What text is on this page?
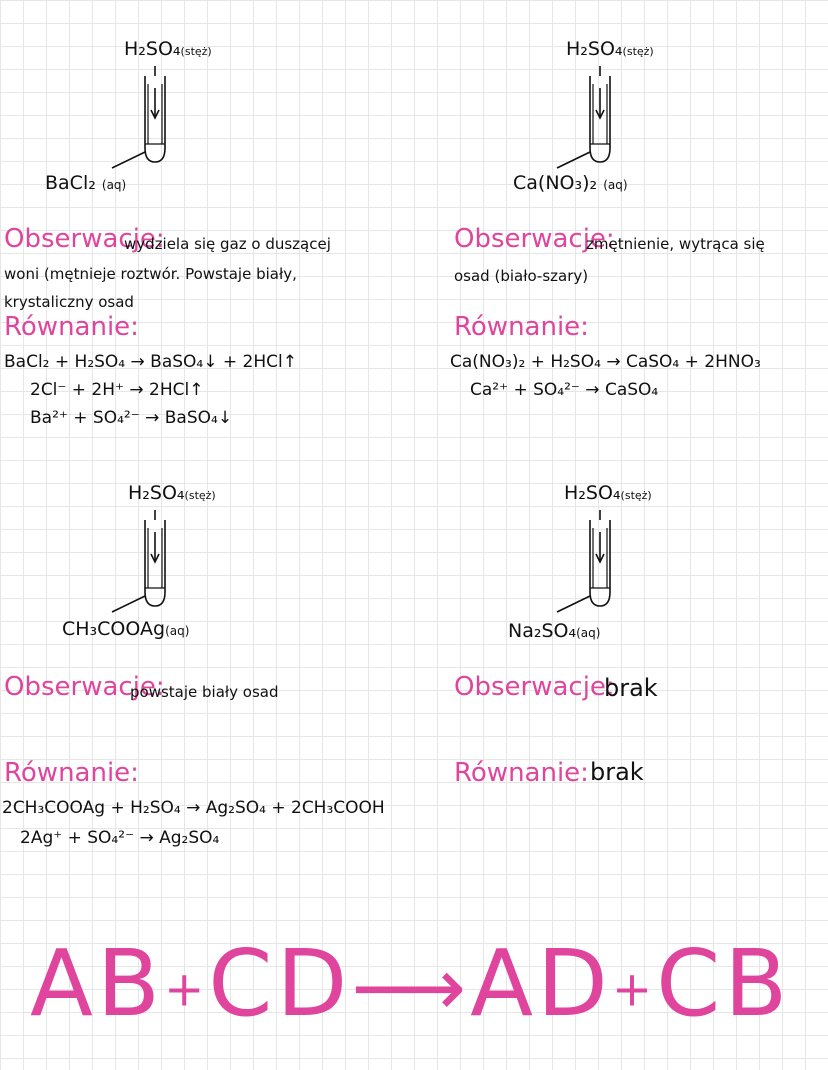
H₂SO₄(stęż)
BaCl₂ (aq)
Obserwacje:
wydziela się gaz o duszącej
woni (mętnieje roztwór. Powstaje biały,
krystaliczny osad
Równanie:
BaCl₂ + H₂SO₄ → BaSO₄↓ + 2HCl↑
2Cl⁻ + 2H⁺ → 2HCl↑
Ba²⁺ + SO₄²⁻ → BaSO₄↓
H₂SO₄(stęż)
Ca(NO₃)₂ (aq)
Obserwacje:
zmętnienie, wytrąca się
osad (biało-szary)
Równanie:
Ca(NO₃)₂ + H₂SO₄ → CaSO₄ + 2HNO₃
Ca²⁺ + SO₄²⁻ → CaSO₄
H₂SO₄(stęż)
CH₃COOAg(aq)
Obserwacje:
powstaje biały osad
Równanie:
2CH₃COOAg + H₂SO₄ → Ag₂SO₄ + 2CH₃COOH
2Ag⁺ + SO₄²⁻ → Ag₂SO₄
H₂SO₄(stęż)
Na₂SO₄(aq)
Obserwacje:
brak
Równanie: brak
AB+CD⟶AD+CB
